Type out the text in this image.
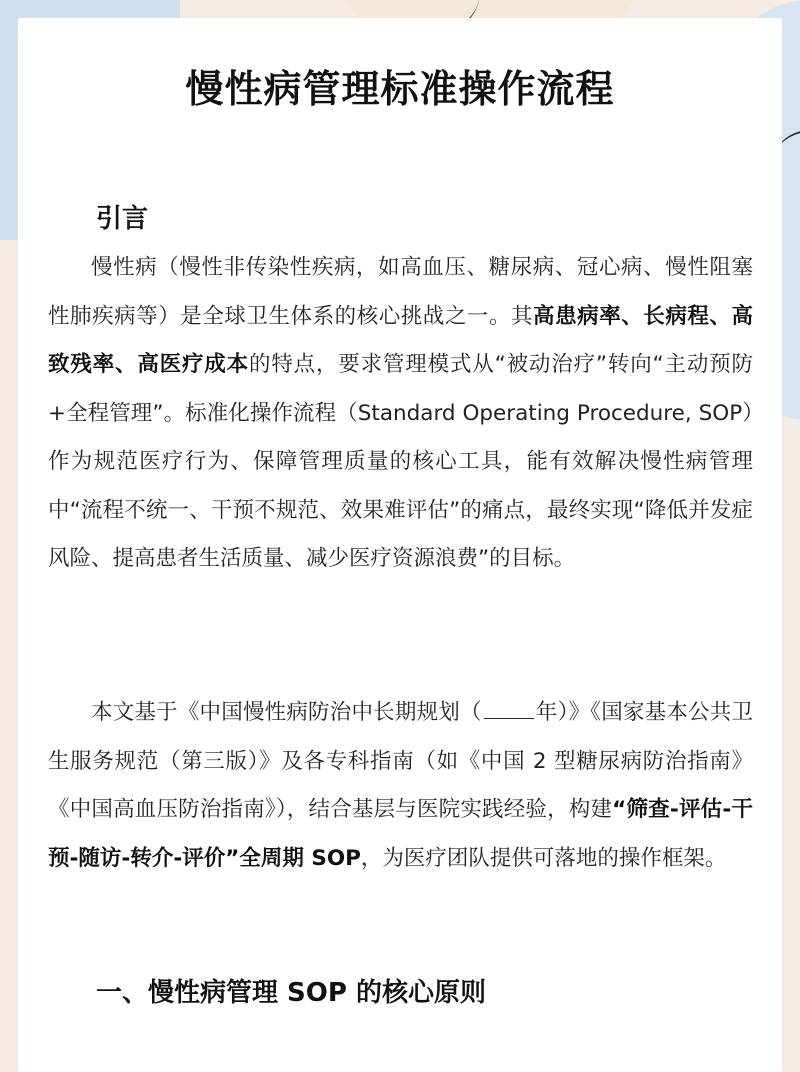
慢性病管理标准操作流程
引言
慢性病（慢性非传染性疾病，如高血压、糖尿病、冠心病、慢性阻塞性肺疾病等）是全球卫生体系的核心挑战之一。其高患病率、长病程、高致残率、高医疗成本的特点，要求管理模式从“被动治疗”转向“主动预防+全程管理”。标准化操作流程（Standard Operating Procedure, SOP）作为规范医疗行为、保障管理质量的核心工具，能有效解决慢性病管理中“流程不统一、干预不规范、效果难评估”的痛点，最终实现“降低并发症风险、提高患者生活质量、减少医疗资源浪费”的目标。
本文基于《中国慢性病防治中长期规划（	年）》《国家基本公共卫生服务规范（第三版）》及各专科指南（如《中国 2 型糖尿病防治指南》《中国高血压防治指南》），结合基层与医院实践经验，构建“筛查-评估-干预-随访-转介-评价”全周期 SOP，为医疗团队提供可落地的操作框架。
一、慢性病管理 SOP 的核心原则
